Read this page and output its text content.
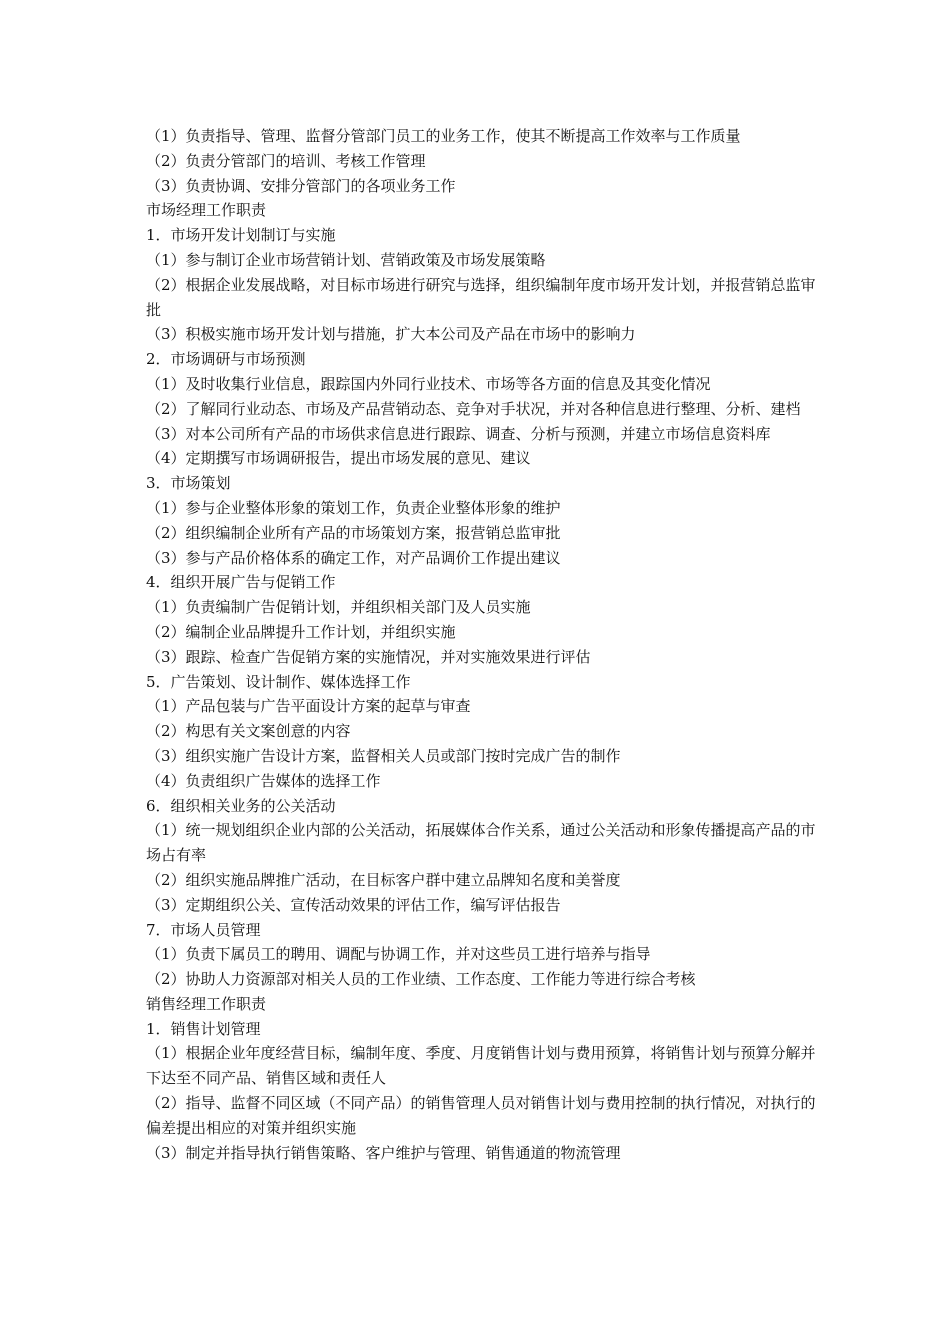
（1）负责指导、管理、监督分管部门员工的业务工作，使其不断提高工作效率与工作质量

（2）负责分管部门的培训、考核工作管理

（3）负责协调、安排分管部门的各项业务工作

市场经理工作职责

1．市场开发计划制订与实施

（1）参与制订企业市场营销计划、营销政策及市场发展策略

（2）根据企业发展战略，对目标市场进行研究与选择，组织编制年度市场开发计划，并报营销总监审批

（3）积极实施市场开发计划与措施，扩大本公司及产品在市场中的影响力

2．市场调研与市场预测

（1）及时收集行业信息，跟踪国内外同行业技术、市场等各方面的信息及其变化情况

（2）了解同行业动态、市场及产品营销动态、竞争对手状况，并对各种信息进行整理、分析、建档

（3）对本公司所有产品的市场供求信息进行跟踪、调查、分析与预测，并建立市场信息资料库

（4）定期撰写市场调研报告，提出市场发展的意见、建议

3．市场策划

（1）参与企业整体形象的策划工作，负责企业整体形象的维护

（2）组织编制企业所有产品的市场策划方案，报营销总监审批

（3）参与产品价格体系的确定工作，对产品调价工作提出建议

4．组织开展广告与促销工作

（1）负责编制广告促销计划，并组织相关部门及人员实施

（2）编制企业品牌提升工作计划，并组织实施

（3）跟踪、检查广告促销方案的实施情况，并对实施效果进行评估

5．广告策划、设计制作、媒体选择工作

（1）产品包装与广告平面设计方案的起草与审查

（2）构思有关文案创意的内容

（3）组织实施广告设计方案，监督相关人员或部门按时完成广告的制作

（4）负责组织广告媒体的选择工作

6．组织相关业务的公关活动

（1）统一规划组织企业内部的公关活动，拓展媒体合作关系，通过公关活动和形象传播提高产品的市场占有率

（2）组织实施品牌推广活动，在目标客户群中建立品牌知名度和美誉度

（3）定期组织公关、宣传活动效果的评估工作，编写评估报告

7．市场人员管理

（1）负责下属员工的聘用、调配与协调工作，并对这些员工进行培养与指导

（2）协助人力资源部对相关人员的工作业绩、工作态度、工作能力等进行综合考核

销售经理工作职责

1．销售计划管理

（1）根据企业年度经营目标，编制年度、季度、月度销售计划与费用预算，将销售计划与预算分解并下达至不同产品、销售区域和责任人

（2）指导、监督不同区域（不同产品）的销售管理人员对销售计划与费用控制的执行情况，对执行的偏差提出相应的对策并组织实施

（3）制定并指导执行销售策略、客户维护与管理、销售通道的物流管理
